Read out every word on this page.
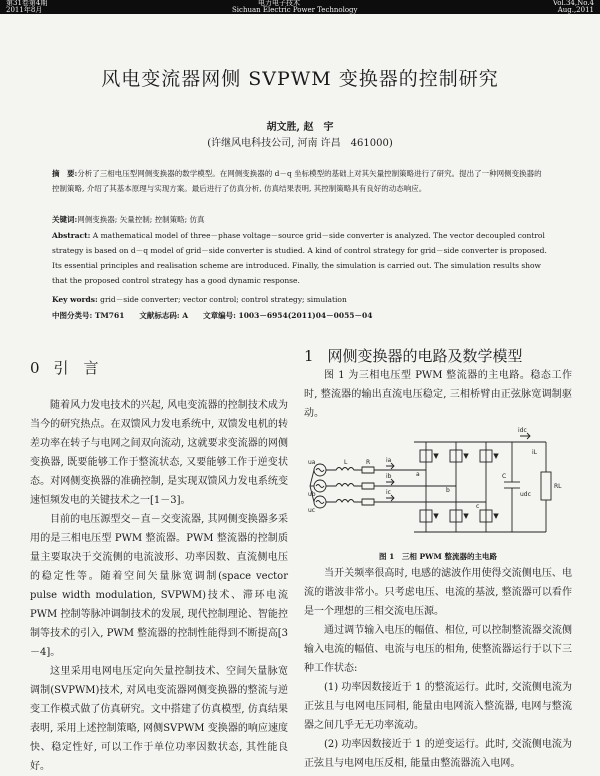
第31卷第4期
2011年8月
电力电子技术
Sichuan Electric Power Technology
Vol.34,No.4
Aug.,2011
风电变流器网侧 SVPWM 变换器的控制研究
胡文胜, 赵　宇
(许继风电科技公司, 河南 许昌　461000)
摘　要:分析了三相电压型网侧变换器的数学模型。在网侧变换器的 d－q 坐标模型的基础上对其矢量控制策略进行了研究。提出了一种网侧变换器的控制策略, 介绍了其基本原理与实现方案。最后进行了仿真分析, 仿真结果表明, 其控制策略具有良好的动态响应。
关键词:网侧变换器; 矢量控制; 控制策略; 仿真
Abstract: A mathematical model of three－phase voltage－source grid－side converter is analyzed. The vector decoupled control strategy is based on d－q model of grid－side converter is studied. A kind of control strategy for grid－side converter is proposed. Its essential principles and realisation scheme are introduced. Finally, the simulation is carried out. The simulation results show that the proposed control strategy has a good dynamic response.
Key words: grid－side converter; vector control; control strategy; simulation
中图分类号: TM761　　文献标志码: A　　文章编号: 1003－6954(2011)04－0055－04
0 引　言

随着风力发电技术的兴起, 风电变流器的控制技术成为当今的研究热点。在双馈风力发电系统中, 双馈发电机的转差功率在转子与电网之间双向流动, 这就要求变流器的网侧变换器, 既要能够工作于整流状态, 又要能够工作于逆变状态。对网侧变换器的准确控制, 是实现双馈风力发电系统变速恒频发电的关键技术之一[1－3]。

目前的电压源型交－直－交变流器, 其网侧变换器多采用的是三相电压型 PWM 整流器。PWM 整流器的控制质量主要取决于交流侧的电流波形、功率因数、直流侧电压的稳定性等。随着空间矢量脉宽调制(space vector pulse width modulation, SVPWM)技术、滞环电流 PWM 控制等脉冲调制技术的发展, 现代控制理论、智能控制等技术的引入, PWM 整流器的控制性能得到不断提高[3－4]。

这里采用电网电压定向矢量控制技术、空间矢量脉宽调制(SVPWM)技术, 对风电变流器网侧变换器的整流与逆变工作模式做了仿真研究。文中搭建了仿真模型, 仿真结果表明, 采用上述控制策略, 网侧SVPWM 变换器的响应速度快、稳定性好, 可以工作于单位功率因数状态, 其性能良好。

1 网侧变换器的电路及数学模型

图 1 为三相电压型 PWM 整流器的主电路。稳态工作时, 整流器的输出直流电压稳定, 三相桥臂由正弦脉宽调制驱动。

ua
ub
uc
L	R	ia
ib
ic
a
b
c
idc
iL
C
udc
RL
图 1　三相 PWM 整流器的主电路

当开关频率很高时, 电感的滤波作用使得交流侧电压、电流的谐波非常小。只考虑电压、电流的基波, 整流器可以看作是一个理想的三相交流电压源。

通过调节输入电压的幅值、相位, 可以控制整流器交流侧输入电流的幅值、电流与电压的相角, 使整流器运行于以下三种工作状态:

(1) 功率因数接近于 1 的整流运行。此时, 交流侧电流为正弦且与电网电压同相, 能量由电网流入整流器, 电网与整流器之间几乎无无功率流动。

(2) 功率因数接近于 1 的逆变运行。此时, 交流侧电流为正弦且与电网电压反相, 能量由整流器流入电网。
